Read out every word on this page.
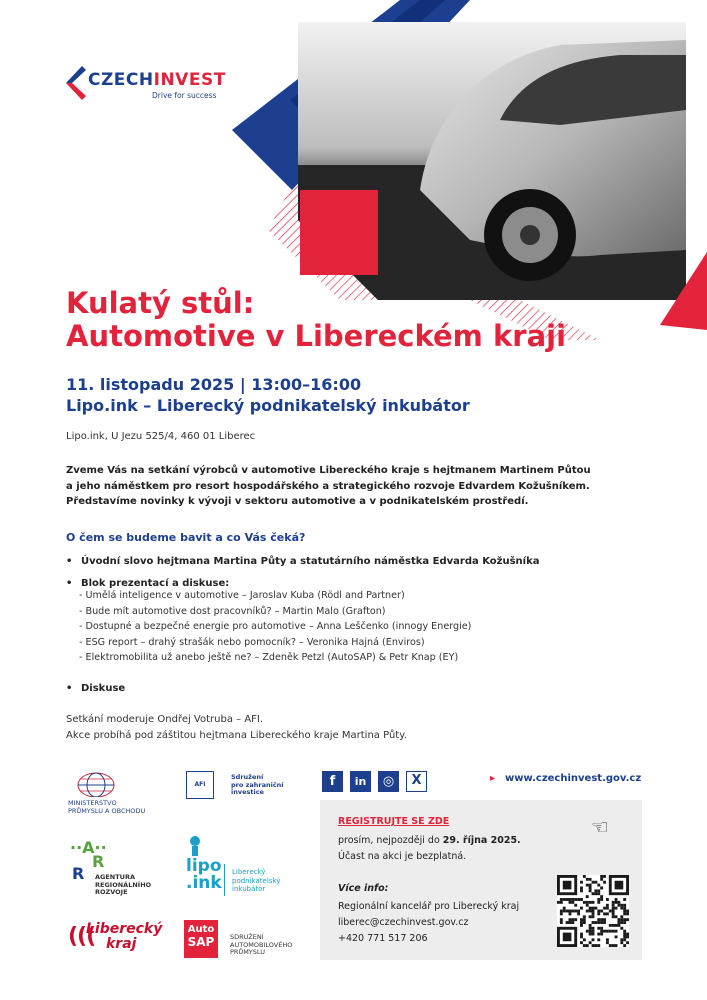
CZECHINVEST
Drive for success
Kulatý stůl:
Automotive v Libereckém kraji
11. listopadu 2025 | 13:00–16:00
Lipo.ink – Liberecký podnikatelský inkubátor
Lipo.ink, U Jezu 525/4, 460 01 Liberec
Zveme Vás na setkání výrobců v automotive Libereckého kraje s hejtmanem Martinem Půtou
a jeho náměstkem pro resort hospodářského a strategického rozvoje Edvardem Kožušníkem.
Představíme novinky k vývoji v sektoru automotive a v podnikatelském prostředí.
O čem se budeme bavit a co Vás čeká?
• Úvodní slovo hejtmana Martina Půty a statutárního náměstka Edvarda Kožušníka
• Blok prezentací a diskuse:
- Umělá inteligence v automotive – Jaroslav Kuba (Rödl and Partner)
- Bude mít automotive dost pracovníků? – Martin Malo (Grafton)
- Dostupné a bezpečné energie pro automotive – Anna Leščenko (innogy Energie)
- ESG report – drahý strašák nebo pomocník? – Veronika Hajná (Enviros)
- Elektromobilita už anebo ještě ne? – Zdeněk Petzl (AutoSAP) & Petr Knap (EY)
• Diskuse
Setkání moderuje Ondřej Votruba – AFI.
Akce probíhá pod záštitou hejtmana Libereckého kraje Martina Půty.
MINISTERSTVO
PRŮMYSLU A OBCHODU
AFI
Sdružení
pro zahraniční
investice
··A··
R
R AGENTURA
REGIONÁLNÍHO
ROZVOJE
lipo
.ink
Liberecký
podnikatelský
inkubátor
(((
Liberecký
kraj
Auto
SAP	SDRUŽENÍ
AUTOMOBILOVÉHO
PRŮMYSLU
f	in	◎	X
▸	www.czechinvest.gov.cz
REGISTRUJTE SE ZDE	☜
prosím, nejpozději do 29. října 2025.
Účast na akci je bezplatná.
Více info:
Regionální kancelář pro Liberecký kraj
liberec@czechinvest.gov.cz
+420 771 517 206
